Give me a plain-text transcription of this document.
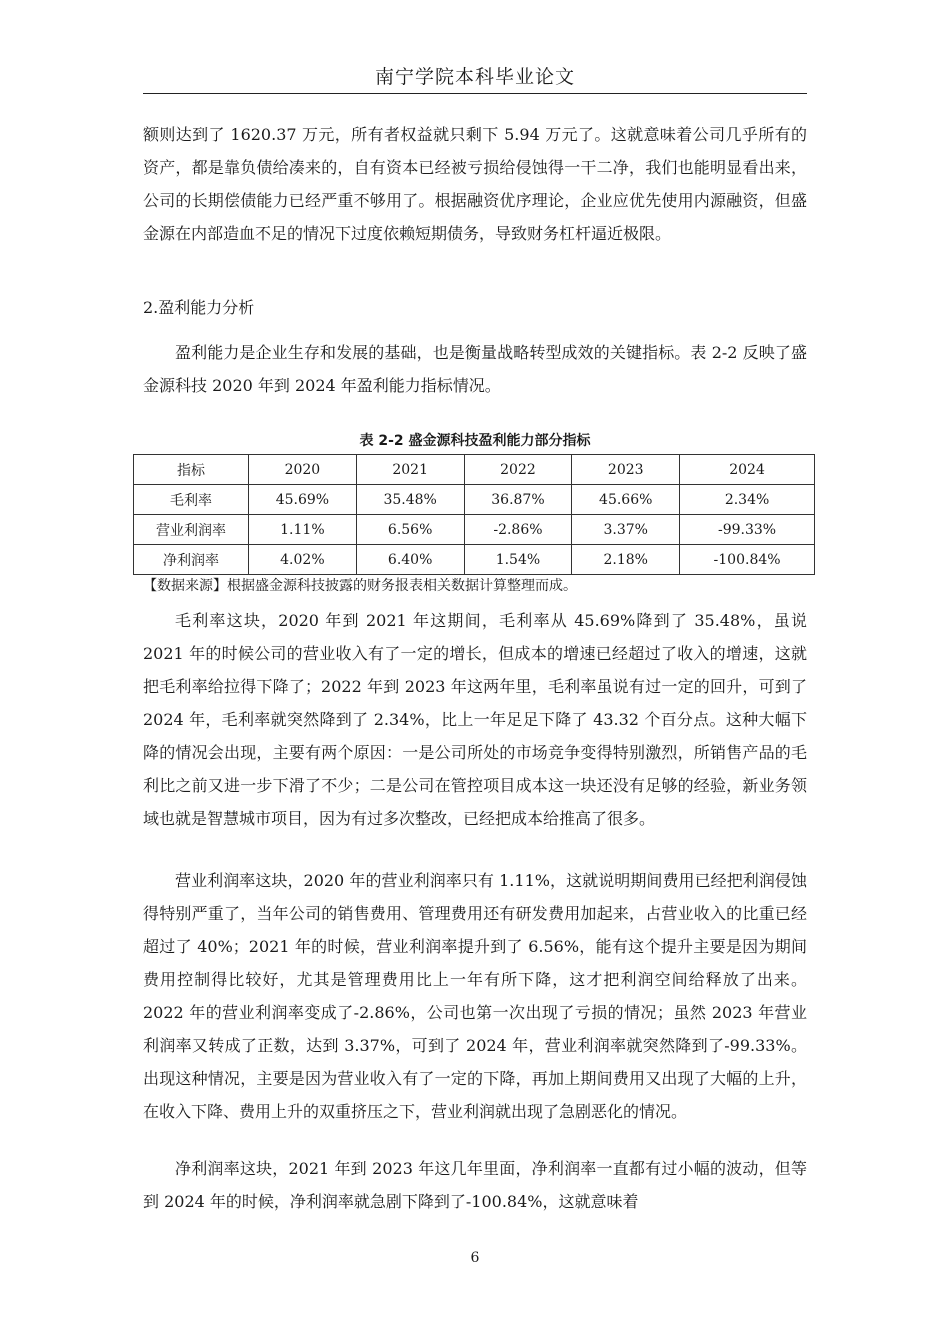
南宁学院本科毕业论文

额则达到了 1620.37 万元，所有者权益就只剩下 5.94 万元了。这就意味着公司几乎所有的资产，都是靠负债给凑来的，自有资本已经被亏损给侵蚀得一干二净，我们也能明显看出来，公司的长期偿债能力已经严重不够用了。根据融资优序理论，企业应优先使用内源融资，但盛金源在内部造血不足的情况下过度依赖短期债务，导致财务杠杆逼近极限。

2.盈利能力分析

盈利能力是企业生存和发展的基础，也是衡量战略转型成效的关键指标。表 2-2 反映了盛金源科技 2020 年到 2024 年盈利能力指标情况。

表 2-2 盛金源科技盈利能力部分指标
指标	2020	2021	2022	2023	2024
毛利率	45.69%	35.48%	36.87%	45.66%	2.34%
营业利润率	1.11%	6.56%	-2.86%	3.37%	-99.33%
净利润率	4.02%	6.40%	1.54%	2.18%	-100.84%
【数据来源】根据盛金源科技披露的财务报表相关数据计算整理而成。

毛利率这块，2020 年到 2021 年这期间，毛利率从 45.69%降到了 35.48%，虽说 2021 年的时候公司的营业收入有了一定的增长，但成本的增速已经超过了收入的增速，这就把毛利率给拉得下降了；2022 年到 2023 年这两年里，毛利率虽说有过一定的回升，可到了 2024 年，毛利率就突然降到了 2.34%，比上一年足足下降了 43.32 个百分点。这种大幅下降的情况会出现，主要有两个原因：一是公司所处的市场竞争变得特别激烈，所销售产品的毛利比之前又进一步下滑了不少；二是公司在管控项目成本这一块还没有足够的经验，新业务领域也就是智慧城市项目，因为有过多次整改，已经把成本给推高了很多。

营业利润率这块，2020 年的营业利润率只有 1.11%，这就说明期间费用已经把利润侵蚀得特别严重了，当年公司的销售费用、管理费用还有研发费用加起来，占营业收入的比重已经超过了 40%；2021 年的时候，营业利润率提升到了 6.56%，能有这个提升主要是因为期间费用控制得比较好，尤其是管理费用比上一年有所下降，这才把利润空间给释放了出来。2022 年的营业利润率变成了-2.86%，公司也第一次出现了亏损的情况；虽然 2023 年营业利润率又转成了正数，达到 3.37%，可到了 2024 年，营业利润率就突然降到了-99.33%。出现这种情况，主要是因为营业收入有了一定的下降，再加上期间费用又出现了大幅的上升，在收入下降、费用上升的双重挤压之下，营业利润就出现了急剧恶化的情况。

净利润率这块，2021 年到 2023 年这几年里面，净利润率一直都有过小幅的波动，但等到 2024 年的时候，净利润率就急剧下降到了-100.84%，这就意味着

6
